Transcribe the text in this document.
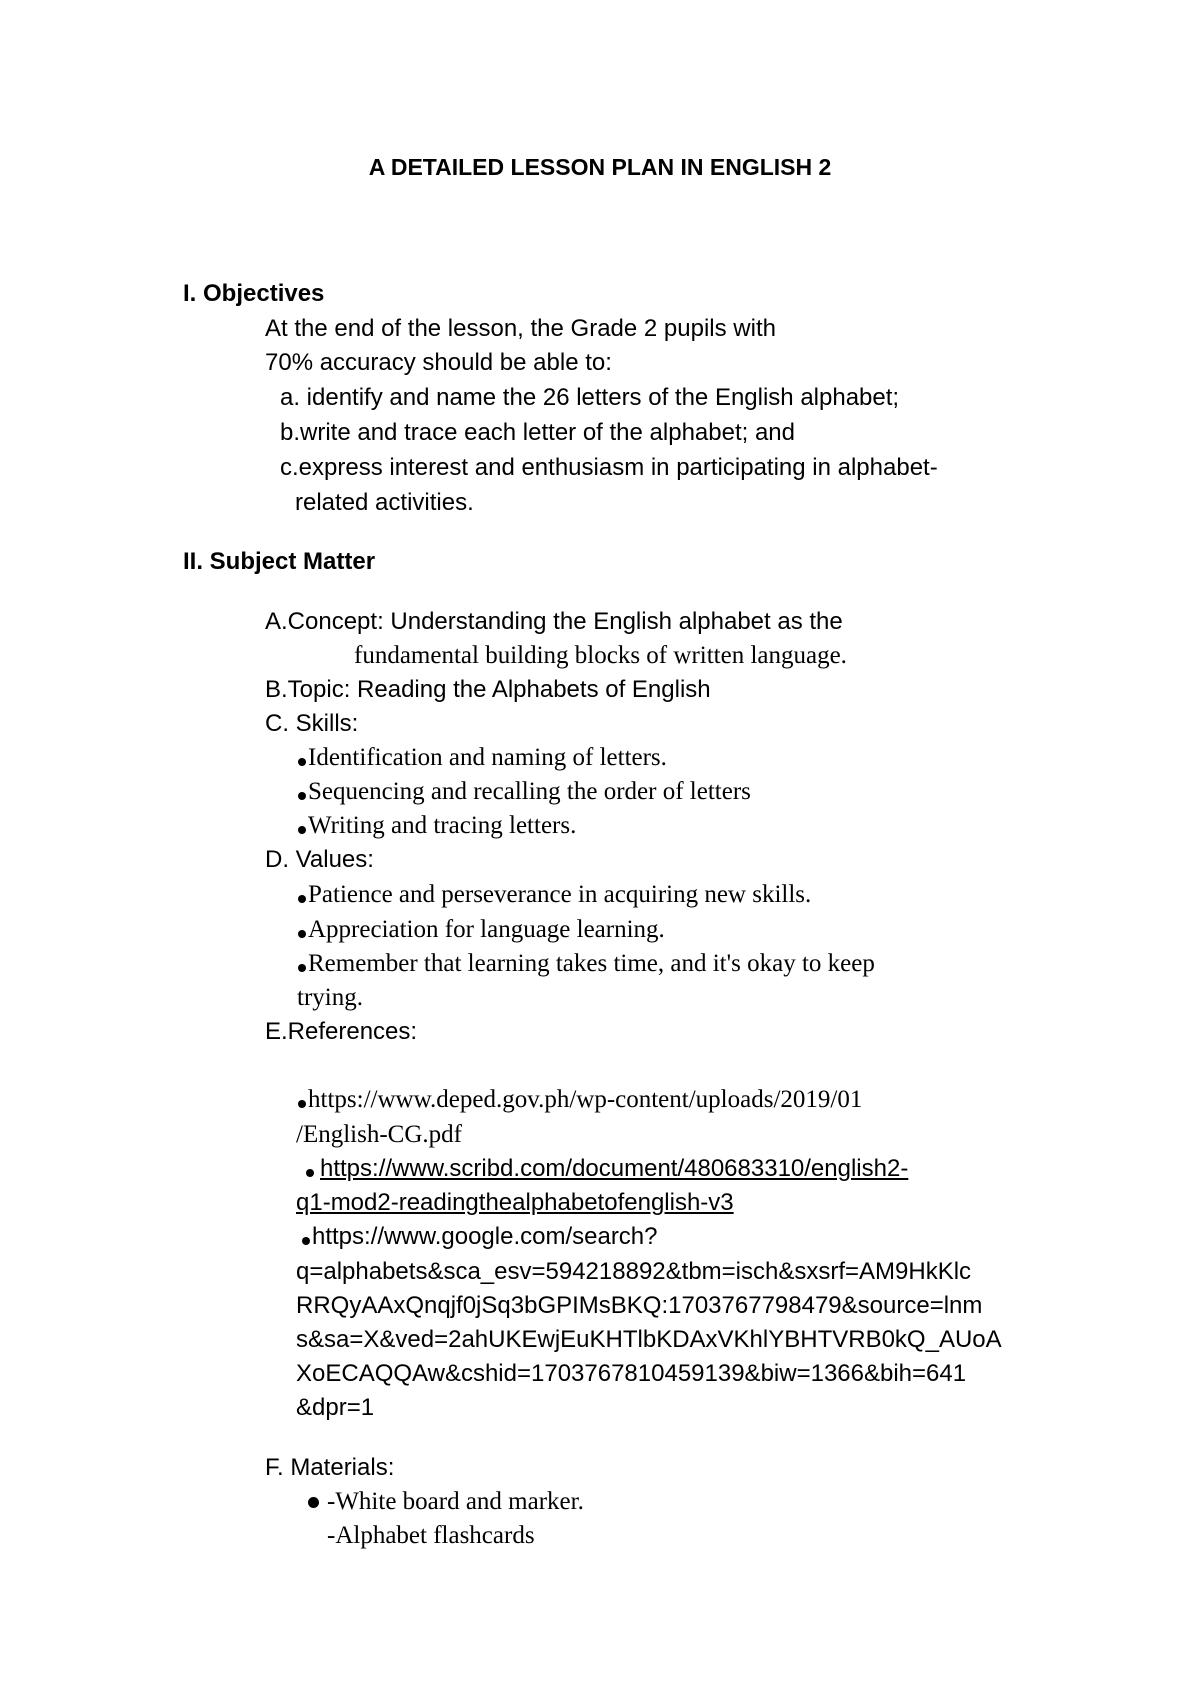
A DETAILED LESSON PLAN IN ENGLISH 2
I. Objectives
At the end of the lesson, the Grade 2 pupils with
70% accuracy should be able to:
a. identify and name the 26 letters of the English alphabet;
b.write and trace each letter of the alphabet; and
c.express interest and enthusiasm in participating in alphabet-
related activities.
II. Subject Matter
A.Concept: Understanding the English alphabet as the
fundamental building blocks of written language.
B.Topic: Reading the Alphabets of English
C. Skills:
Identification and naming of letters.
Sequencing and recalling the order of letters
Writing and tracing letters.
D. Values:
Patience and perseverance in acquiring new skills.
Appreciation for language learning.
Remember that learning takes time, and it's okay to keep
trying.
E.References:
https://www.deped.gov.ph/wp-content/uploads/2019/01
/English-CG.pdf
https://www.scribd.com/document/480683310/english2-
q1-mod2-readingthealphabetofenglish-v3
https://www.google.com/search?
q=alphabets&sca_esv=594218892&tbm=isch&sxsrf=AM9HkKlc
RRQyAAxQnqjf0jSq3bGPIMsBKQ:1703767798479&source=lnm
s&sa=X&ved=2ahUKEwjEuKHTlbKDAxVKhlYBHTVRB0kQ_AUoA
XoECAQQAw&cshid=1703767810459139&biw=1366&bih=641
&dpr=1
F. Materials:
-White board and marker.
-Alphabet flashcards
